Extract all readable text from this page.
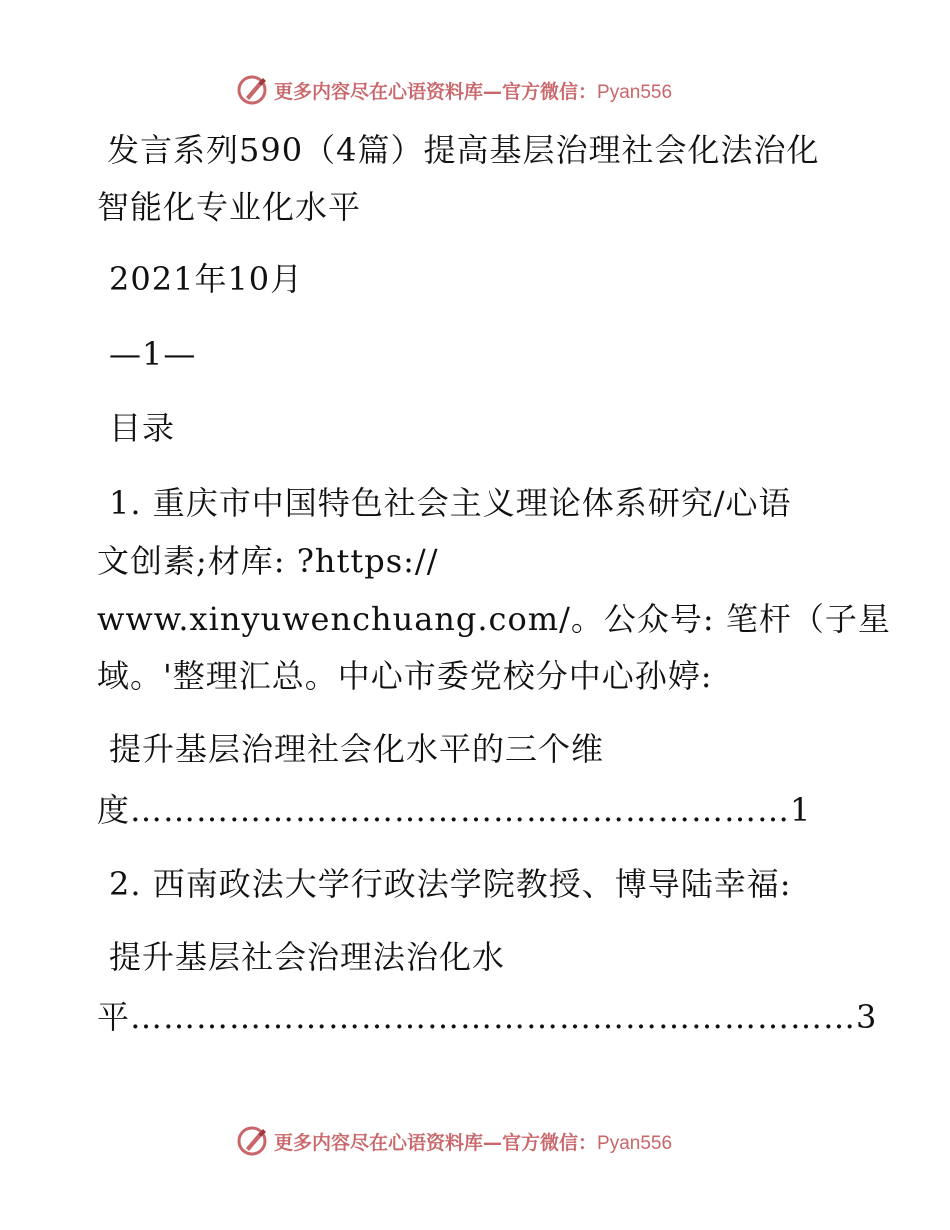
更多内容尽在心语资料库—官方微信：Pyan556
发言系列590（4篇）提高基层治理社会化法治化
智能化专业化水平
2021年10月
—1—
目录
1. 重庆市中国特色社会主义理论体系研究/心语
文创素;材库: ?https://
www.xinyuwenchuang.com/。公众号: 笔杆（子星
域。'整理汇总。中心市委党校分中心孙婷:
提升基层治理社会化水平的三个维
度……………………………………………………1
2. 西南政法大学行政法学院教授、博导陆幸福:
提升基层社会治理法治化水
平…………………………………………………………3
更多内容尽在心语资料库—官方微信：Pyan556
